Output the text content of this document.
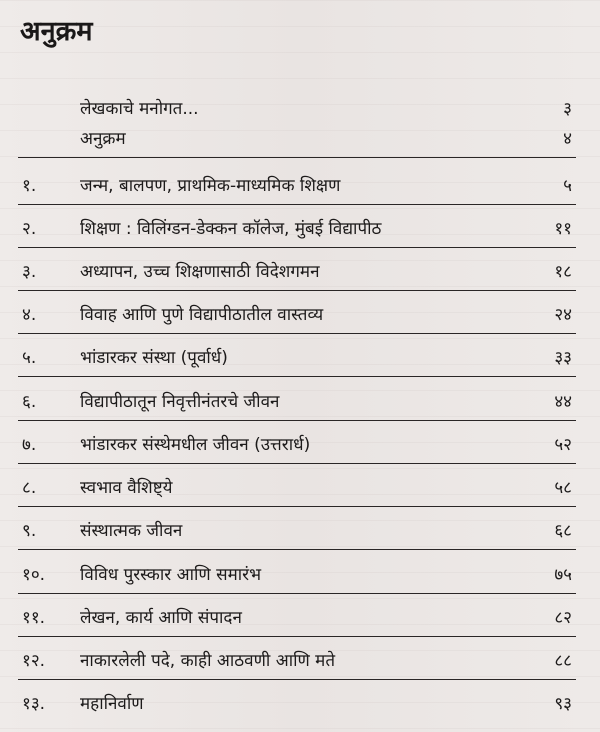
अनुक्रम
लेखकाचे मनोगत...	३
अनुक्रम	४
१.	जन्म, बालपण, प्राथमिक-माध्यमिक शिक्षण	५
२.	शिक्षण : विलिंग्डन-डेक्कन कॉलेज, मुंबई विद्यापीठ	११
३.	अध्यापन, उच्च शिक्षणासाठी विदेशगमन	१८
४.	विवाह आणि पुणे विद्यापीठातील वास्तव्य	२४
५.	भांडारकर संस्था (पूर्वार्ध)	३३
६.	विद्यापीठातून निवृत्तीनंतरचे जीवन	४४
७.	भांडारकर संस्थेमधील जीवन (उत्तरार्ध)	५२
८.	स्वभाव वैशिष्ट्ये	५८
९.	संस्थात्मक जीवन	६८
१०. विविध पुरस्कार आणि समारंभ	७५
११. लेखन, कार्य आणि संपादन	८२
१२. नाकारलेली पदे, काही आठवणी आणि मते	८८
१३. महानिर्वाण	९३
